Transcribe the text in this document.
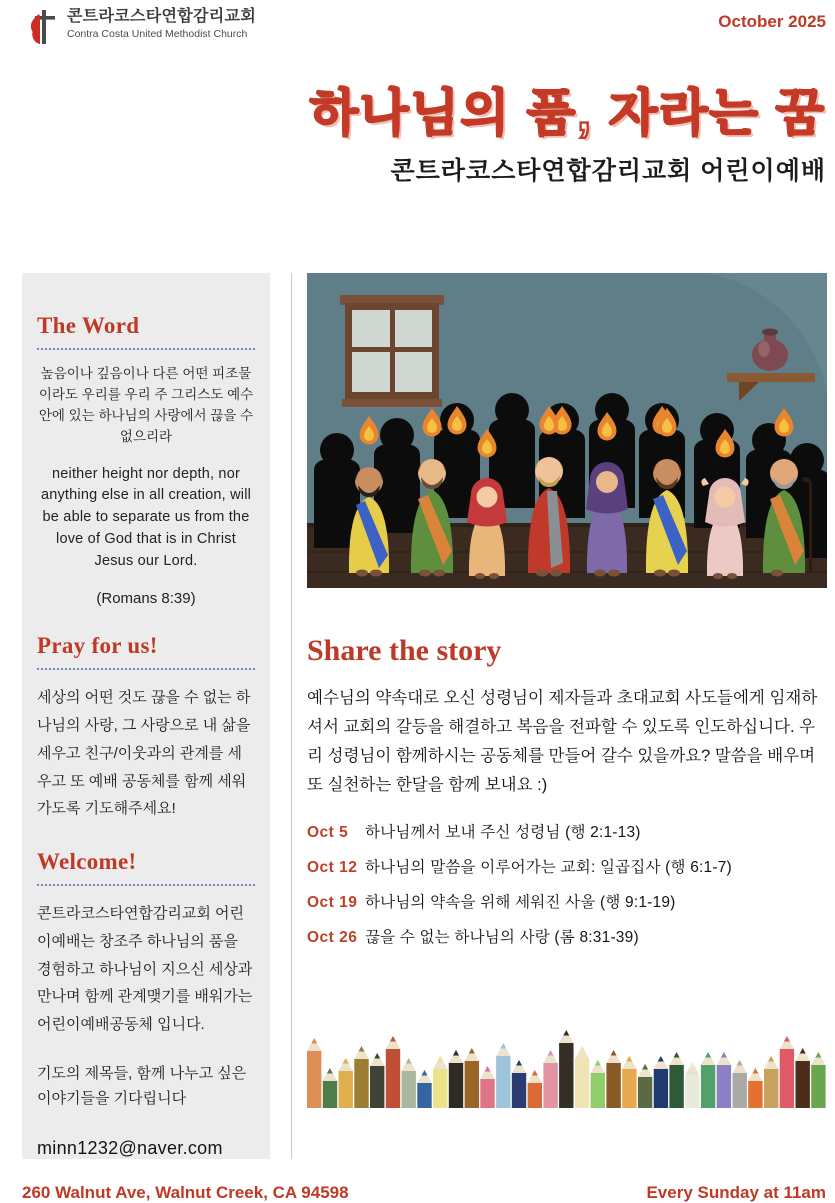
콘트라코스타연합감리교회
Contra Costa United Methodist Church
October 2025
하나님의 품, 자라는 꿈
콘트라코스타연합감리교회 어린이예배
The Word
높음이나 깊음이나 다른 어떤 피조물이라도 우리를 우리 주 그리스도 예수 안에 있는 하나님의 사랑에서 끊을 수 없으리라
neither height nor depth, nor anything else in all creation, will be able to separate us from the love of God that is in Christ Jesus our Lord.
(Romans 8:39)
Pray for us!
세상의 어떤 것도 끊을 수 없는 하나님의 사랑, 그 사랑으로 내 삶을 세우고 친구/이웃과의 관계를 세우고 또 예배 공동체를 함께 세워가도록 기도해주세요!
Welcome!
콘트라코스타연합감리교회 어린이예배는 창조주 하나님의 품을 경험하고 하나님이 지으신 세상과 만나며 함께 관계맺기를 배워가는 어린이예배공동체 입니다.
기도의 제목들, 함께 나누고 싶은 이야기들을 기다립니다
minn1232@naver.com
Share the story
예수님의 약속대로 오신 성령님이 제자들과 초대교회 사도들에게 임재하셔서 교회의 갈등을 해결하고 복음을 전파할 수 있도록 인도하십니다. 우리 성령님이 함께하시는 공동체를 만들어 갈수 있을까요? 말씀을 배우며 또 실천하는 한달을 함께 보내요 :)
Oct 5	하나님께서 보내 주신 성령님 (행 2:1-13)
Oct 12 하나님의 말씀을 이루어가는 교회: 일곱집사 (행 6:1-7)
Oct 19 하나님의 약속을 위해 세워진 사울 (행 9:1-19)
Oct 26 끊을 수 없는 하나님의 사랑 (롬 8:31-39)
260 Walnut Ave, Walnut Creek, CA 94598	Every Sunday at 11am
